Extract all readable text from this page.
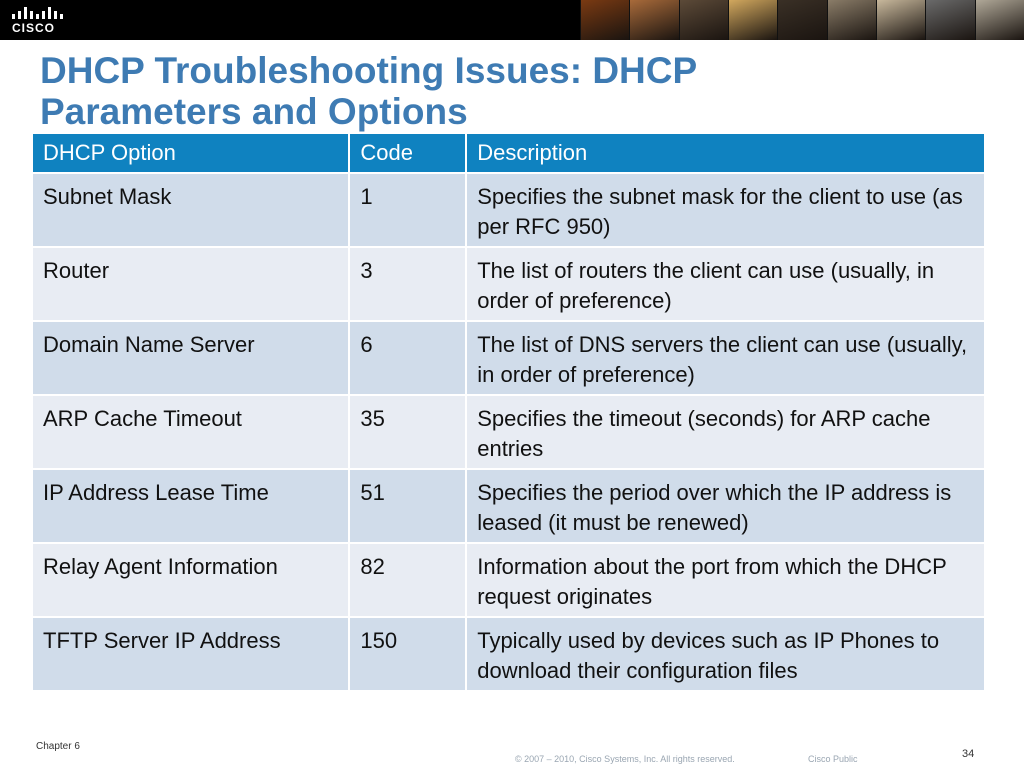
CISCO
DHCP Troubleshooting Issues: DHCP
Parameters and Options
DHCP Option	Code	Description
Subnet Mask	1	Specifies the subnet mask for the client to use (as per RFC 950)
Router	3	The list of routers the client can use (usually, in order of preference)
Domain Name Server	6	The list of DNS servers the client can use (usually, in order of preference)
ARP Cache Timeout	35	Specifies the timeout (seconds) for ARP cache entries
IP Address Lease Time	51	Specifies the period over which the IP address is leased (it must be renewed)
Relay Agent Information	82	Information about the port from which the DHCP request originates
TFTP Server IP Address	150	Typically used by devices such as IP Phones to download their configuration files
Chapter 6
© 2007 – 2010, Cisco Systems, Inc. All rights reserved.	Cisco Public	34
